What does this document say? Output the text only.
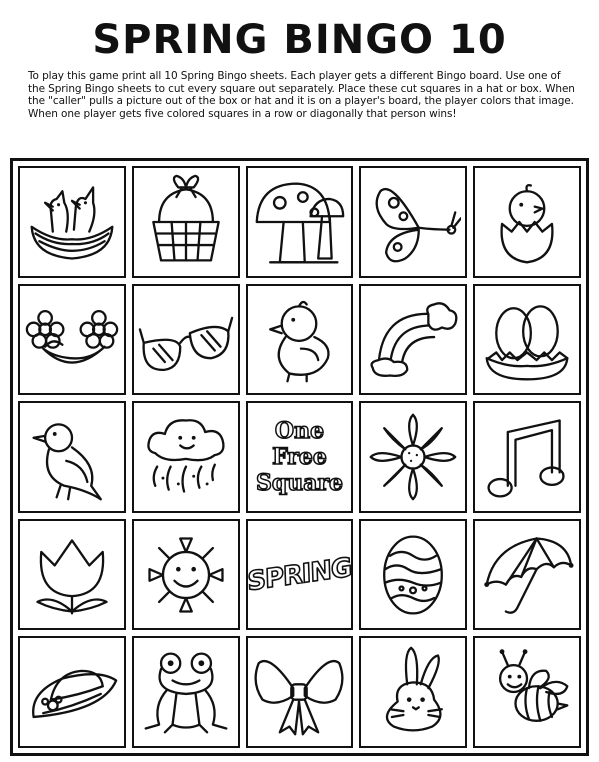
SPRING BINGO 10
To play this game print all 10 Spring Bingo sheets. Each player gets a different Bingo board. Use one of the Spring Bingo sheets to cut every square out separately. Place these cut squares in a hat or box. When the "caller" pulls a picture out of the box or hat and it is on a player's board, the player colors that image. When one player gets five colored squares in a row or diagonally that person wins!
One
Free
Square
SPRING
